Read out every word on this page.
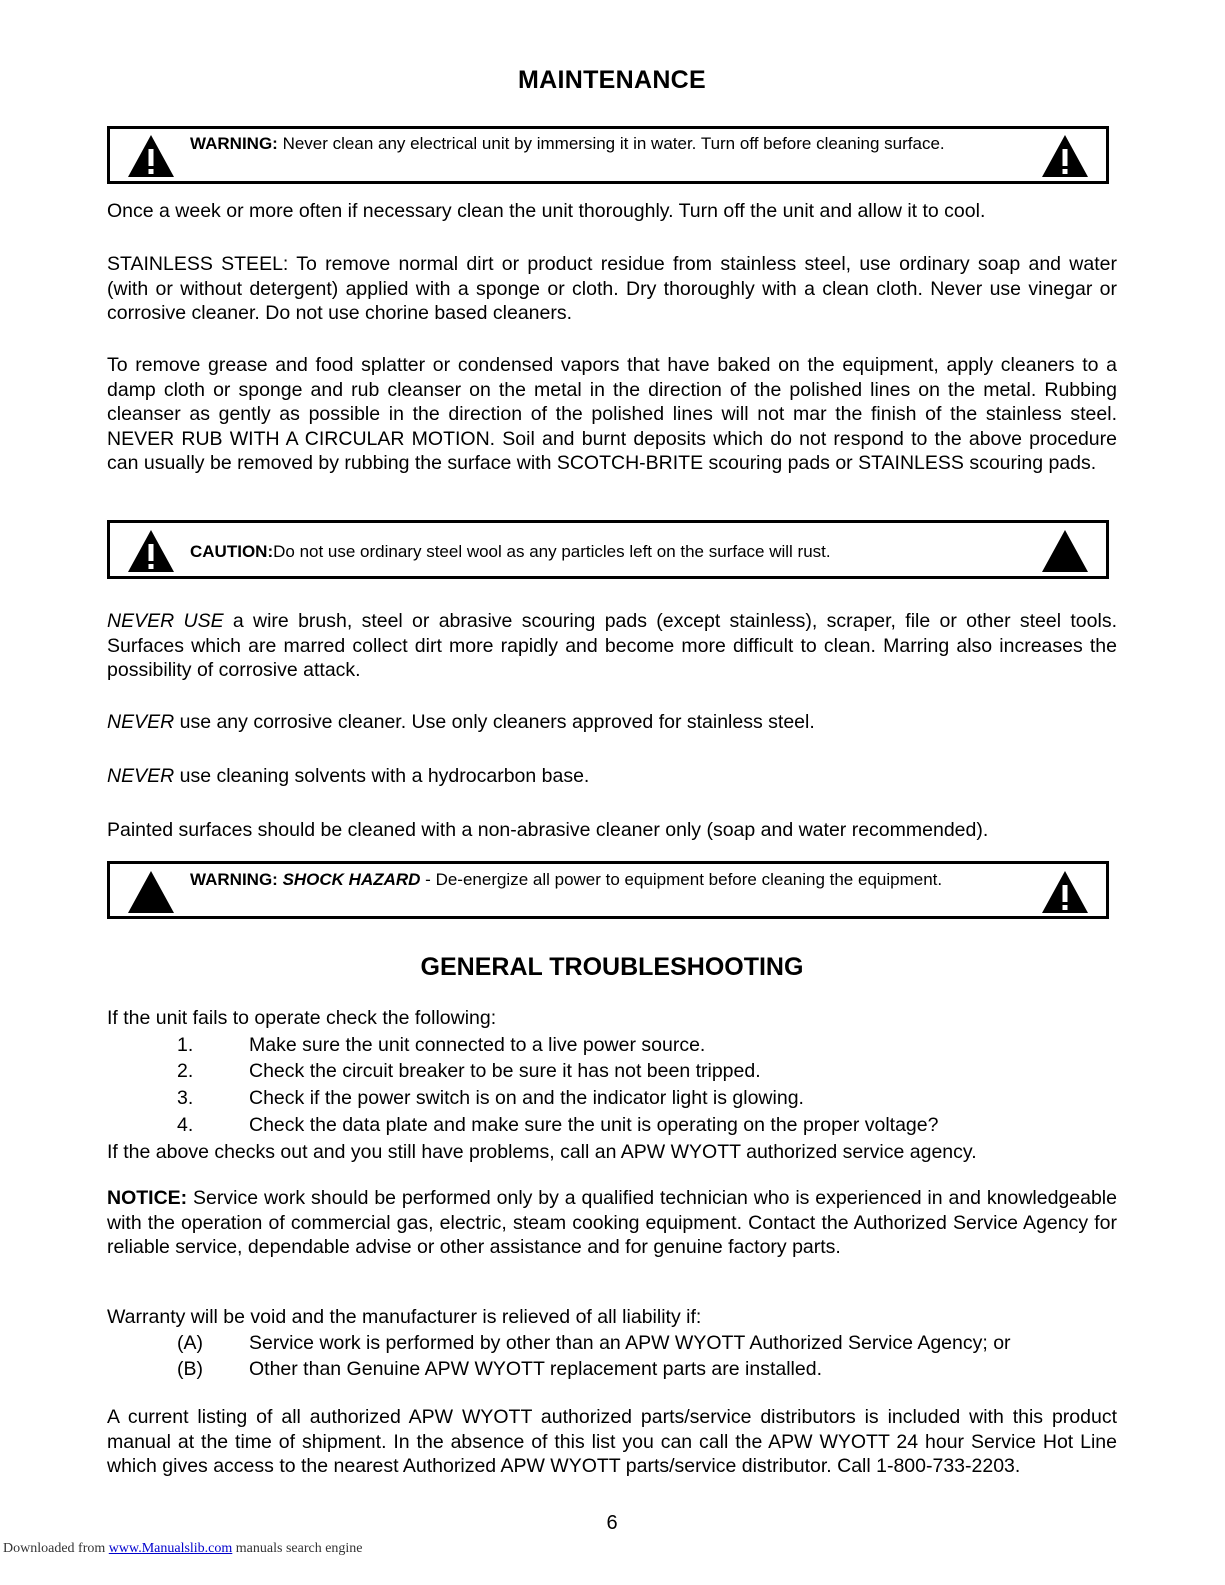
MAINTENANCE
WARNING: Never clean any electrical unit by immersing it in water. Turn off before cleaning surface.
Once a week or more often if necessary clean the unit thoroughly. Turn off the unit and allow it to cool.
STAINLESS STEEL: To remove normal dirt or product residue from stainless steel, use ordinary soap and water (with or without detergent) applied with a sponge or cloth. Dry thoroughly with a clean cloth. Never use vinegar or corrosive cleaner. Do not use chorine based cleaners.
To remove grease and food splatter or condensed vapors that have baked on the equipment, apply cleaners to a damp cloth or sponge and rub cleanser on the metal in the direction of the polished lines on the metal. Rubbing cleanser as gently as possible in the direction of the polished lines will not mar the finish of the stainless steel. NEVER RUB WITH A CIRCULAR MOTION. Soil and burnt deposits which do not respond to the above procedure can usually be removed by rubbing the surface with SCOTCH-BRITE scouring pads or STAINLESS scouring pads.
CAUTION:Do not use ordinary steel wool as any particles left on the surface will rust.
NEVER USE a wire brush, steel or abrasive scouring pads (except stainless), scraper, file or other steel tools. Surfaces which are marred collect dirt more rapidly and become more difficult to clean. Marring also increases the possibility of corrosive attack.
NEVER use any corrosive cleaner. Use only cleaners approved for stainless steel.
NEVER use cleaning solvents with a hydrocarbon base.
Painted surfaces should be cleaned with a non-abrasive cleaner only (soap and water recommended).
WARNING: SHOCK HAZARD - De-energize all power to equipment before cleaning the equipment.
GENERAL TROUBLESHOOTING
If the unit fails to operate check the following:
1.	Make sure the unit connected to a live power source.
2.	Check the circuit breaker to be sure it has not been tripped.
3.	Check if the power switch is on and the indicator light is glowing.
4.	Check the data plate and make sure the unit is operating on the proper voltage?
If the above checks out and you still have problems, call an APW WYOTT authorized service agency.
NOTICE: Service work should be performed only by a qualified technician who is experienced in and knowledgeable with the operation of commercial gas, electric, steam cooking equipment. Contact the Authorized Service Agency for reliable service, dependable advise or other assistance and for genuine factory parts.
Warranty will be void and the manufacturer is relieved of all liability if:
(A) Service work is performed by other than an APW WYOTT Authorized Service Agency; or
(B) Other than Genuine APW WYOTT replacement parts are installed.
A current listing of all authorized APW WYOTT authorized parts/service distributors is included with this product manual at the time of shipment. In the absence of this list you can call the APW WYOTT 24 hour Service Hot Line which gives access to the nearest Authorized APW WYOTT parts/service distributor. Call 1-800-733-2203.
6
Downloaded from www.Manualslib.com manuals search engine
